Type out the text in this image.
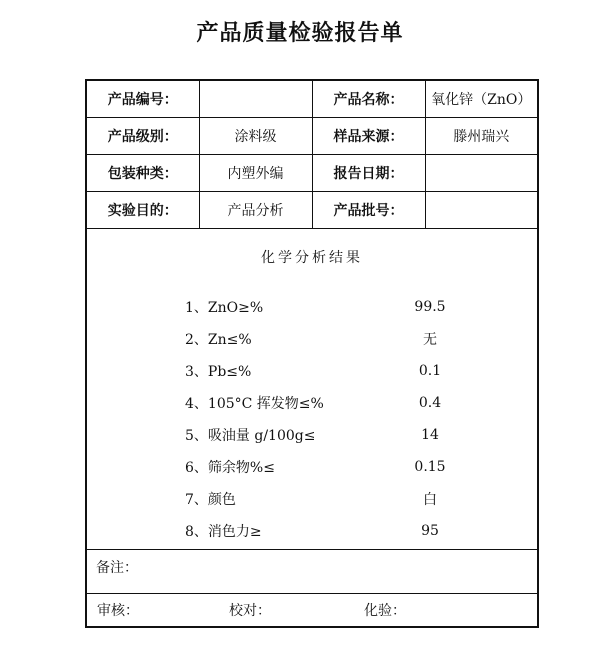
产品质量检验报告单
产品编号：		产品名称：	氧化锌（ZnO）
产品级别：	涂料级	样品来源：	滕州瑞兴
包装种类：	内塑外编	报告日期：	
实验目的：	产品分析	产品批号：	

化学分析结果
1、ZnO≥%	99.5
2、Zn≤%	无
3、Pb≤%	0.1
4、105°C 挥发物≤%	0.4
5、吸油量 g/100g≤	14
6、筛余物%≤	0.15
7、颜色	白
8、消色力≥	95

备注：			

审核： 校对： 化验：			
